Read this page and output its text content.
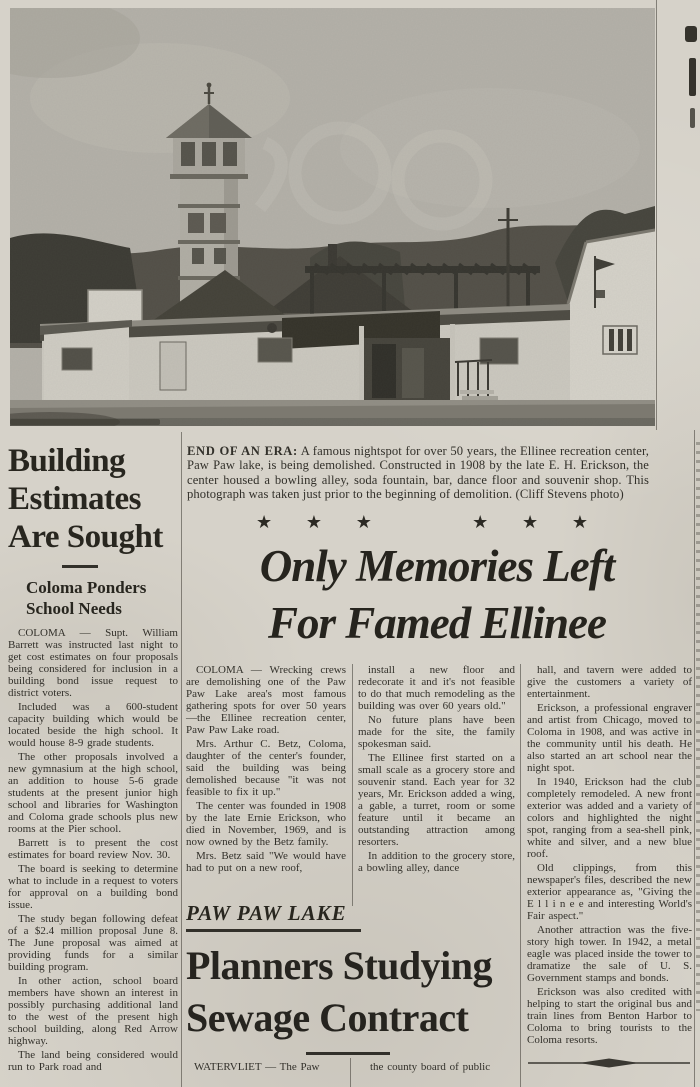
END OF AN ERA: A famous nightspot for over 50 years, the Ellinee recreation center, Paw Paw lake, is being demolished. Constructed in 1908 by the late E. H. Erickson, the center housed a bowling alley, soda fountain, bar, dance floor and souvenir shop. This photograph was taken just prior to the beginning of demolition. (Cliff Stevens photo)

Building Estimates Are Sought
Coloma Ponders School Needs

COLOMA — Supt. William Barrett was instructed last night to get cost estimates on four proposals being considered for inclusion in a building bond issue request to district voters.

Included was a 600-student capacity building which would be located beside the high school. It would house 8-9 grade students.

The other proposals involved a new gymnasium at the high school, an addition to house 5-6 grade students at the present junior high school and libraries for Washington and Coloma grade schools plus new rooms at the Pier school.

Barrett is to present the cost estimates for board review Nov. 30.

The board is seeking to determine what to include in a request to voters for approval on a building bond issue.

The study began following defeat of a $2.4 million proposal June 8. The June proposal was aimed at providing funds for a similar building program.

In other action, school board members have shown an interest in possibly purchasing additional land to the west of the present high school building, along Red Arrow highway.

The land being considered would run to Park road and

★ ★ ★	★ ★ ★
Only Memories Left
For Famed Ellinee

COLOMA — Wrecking crews are demolishing one of the Paw Paw Lake area's most famous gathering spots for over 50 years —the Ellinee recreation center, Paw Paw Lake road.

Mrs. Arthur C. Betz, Coloma, daughter of the center's founder, said the building was being demolished because "it was not feasible to fix it up."

The center was founded in 1908 by the late Ernie Erickson, who died in November, 1969, and is now owned by the Betz family.

Mrs. Betz said "We would have had to put on a new roof,

install a new floor and redecorate it and it's not feasible to do that much remodeling as the building was over 60 years old."

No future plans have been made for the site, the family spokesman said.

The Ellinee first started on a small scale as a grocery store and souvenir stand. Each year for 32 years, Mr. Erickson added a wing, a gable, a turret, room or some feature until it became an outstanding attraction among resorters.

In addition to the grocery store, a bowling alley, dance

hall, and tavern were added to give the customers a variety of entertainment.

Erickson, a professional engraver and artist from Chicago, moved to Coloma in 1908, and was active in the community until his death. He also started an art school near the night spot.

In 1940, Erickson had the club completely remodeled. A new front exterior was added and a variety of colors and highlighted the night spot, ranging from a sea-shell pink, white and silver, and a new blue roof.

Old clippings, from this newspaper's files, described the new exterior appearance as, "Giving the E l l i n e e and interesting World's Fair aspect."

Another attraction was the five-story high tower. In 1942, a metal eagle was placed inside the tower to dramatize the sale of U. S. Government stamps and bonds.

Erickson was also credited with helping to start the original bus and train lines from Benton Harbor to Coloma to bring tourists to the Coloma resorts.

PAW PAW LAKE
Planners Studying
Sewage Contract

WATERVLIET — The Paw	the county board of public
